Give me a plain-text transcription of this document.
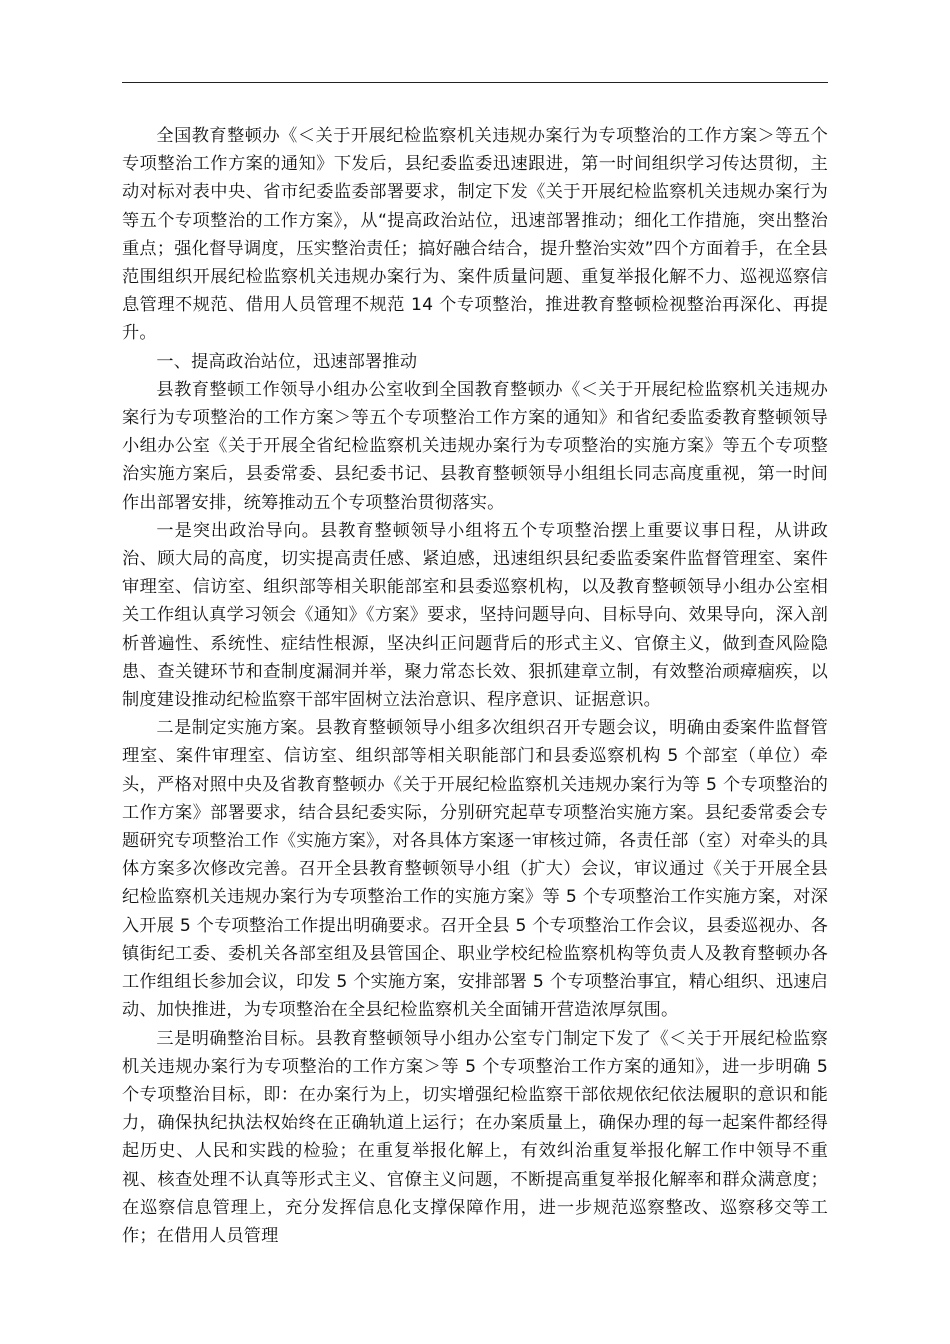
全国教育整顿办《＜关于开展纪检监察机关违规办案行为专项整治的工作方案＞等五个专项整治工作方案的通知》下发后，县纪委监委迅速跟进，第一时间组织学习传达贯彻，主动对标对表中央、省市纪委监委部署要求，制定下发《关于开展纪检监察机关违规办案行为等五个专项整治的工作方案》，从“提高政治站位，迅速部署推动；细化工作措施，突出整治重点；强化督导调度，压实整治责任；搞好融合结合，提升整治实效”四个方面着手，在全县范围组织开展纪检监察机关违规办案行为、案件质量问题、重复举报化解不力、巡视巡察信息管理不规范、借用人员管理不规范 14 个专项整治，推进教育整顿检视整治再深化、再提升。

一、提高政治站位，迅速部署推动

县教育整顿工作领导小组办公室收到全国教育整顿办《＜关于开展纪检监察机关违规办案行为专项整治的工作方案＞等五个专项整治工作方案的通知》和省纪委监委教育整顿领导小组办公室《关于开展全省纪检监察机关违规办案行为专项整治的实施方案》等五个专项整治实施方案后，县委常委、县纪委书记、县教育整顿领导小组组长同志高度重视，第一时间作出部署安排，统筹推动五个专项整治贯彻落实。

一是突出政治导向。县教育整顿领导小组将五个专项整治摆上重要议事日程，从讲政治、顾大局的高度，切实提高责任感、紧迫感，迅速组织县纪委监委案件监督管理室、案件审理室、信访室、组织部等相关职能部室和县委巡察机构，以及教育整顿领导小组办公室相关工作组认真学习领会《通知》《方案》要求，坚持问题导向、目标导向、效果导向，深入剖析普遍性、系统性、症结性根源，坚决纠正问题背后的形式主义、官僚主义，做到查风险隐患、查关键环节和查制度漏洞并举，聚力常态长效、狠抓建章立制，有效整治顽瘴痼疾，以制度建设推动纪检监察干部牢固树立法治意识、程序意识、证据意识。

二是制定实施方案。县教育整顿领导小组多次组织召开专题会议，明确由委案件监督管理室、案件审理室、信访室、组织部等相关职能部门和县委巡察机构 5 个部室（单位）牵头，严格对照中央及省教育整顿办《关于开展纪检监察机关违规办案行为等 5 个专项整治的工作方案》部署要求，结合县纪委实际，分别研究起草专项整治实施方案。县纪委常委会专题研究专项整治工作《实施方案》，对各具体方案逐一审核过筛，各责任部（室）对牵头的具体方案多次修改完善。召开全县教育整顿领导小组（扩大）会议，审议通过《关于开展全县纪检监察机关违规办案行为专项整治工作的实施方案》等 5 个专项整治工作实施方案，对深入开展 5 个专项整治工作提出明确要求。召开全县 5 个专项整治工作会议，县委巡视办、各镇街纪工委、委机关各部室组及县管国企、职业学校纪检监察机构等负责人及教育整顿办各工作组组长参加会议，印发 5 个实施方案，安排部署 5 个专项整治事宜，精心组织、迅速启动、加快推进，为专项整治在全县纪检监察机关全面铺开营造浓厚氛围。

三是明确整治目标。县教育整顿领导小组办公室专门制定下发了《＜关于开展纪检监察机关违规办案行为专项整治的工作方案＞等 5 个专项整治工作方案的通知》，进一步明确 5 个专项整治目标，即：在办案行为上，切实增强纪检监察干部依规依纪依法履职的意识和能力，确保执纪执法权始终在正确轨道上运行；在办案质量上，确保办理的每一起案件都经得起历史、人民和实践的检验；在重复举报化解上，有效纠治重复举报化解工作中领导不重视、核查处理不认真等形式主义、官僚主义问题，不断提高重复举报化解率和群众满意度；在巡察信息管理上，充分发挥信息化支撑保障作用，进一步规范巡察整改、巡察移交等工作；在借用人员管理
